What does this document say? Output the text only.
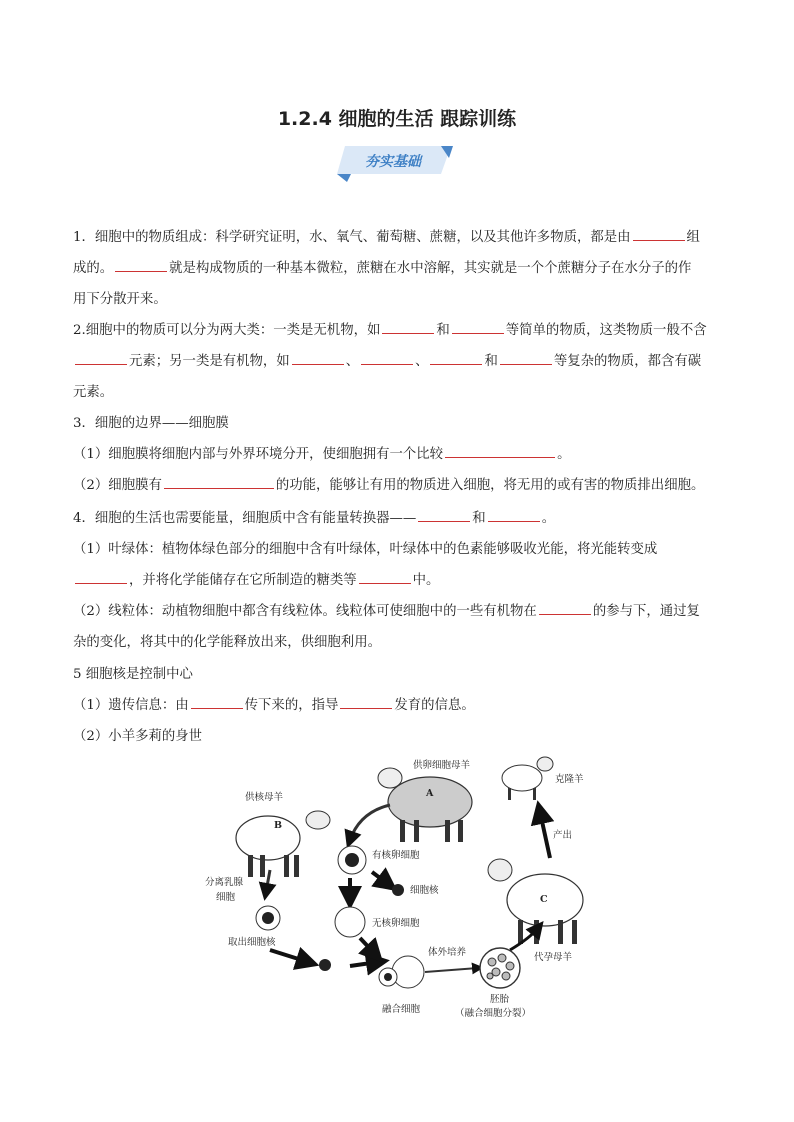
1.2.4 细胞的生活 跟踪训练
夯实基础

1．细胞中的物质组成：科学研究证明，水、氧气、葡萄糖、蔗糖，以及其他许多物质，都是由	组
成的。	就是构成物质的一种基本微粒，蔗糖在水中溶解，其实就是一个个蔗糖分子在水分子的作
用下分散开来。

2.细胞中的物质可以分为两大类：一类是无机物，如	和	等简单的物质，这类物质一般不含
元素；另一类是有机物，如	、	、	和	等复杂的物质，都含有碳
元素。

3．细胞的边界——细胞膜
（1）细胞膜将细胞内部与外界环境分开，使细胞拥有一个比较	。
（2）细胞膜有	的功能，能够让有用的物质进入细胞，将无用的或有害的物质排出细胞。

4．细胞的生活也需要能量，细胞质中含有能量转换器——	和	。
（1）叶绿体：植物体绿色部分的细胞中含有叶绿体，叶绿体中的色素能够吸收光能，将光能转变成
，并将化学能储存在它所制造的糖类等	中。
（2）线粒体：动植物细胞中都含有线粒体。线粒体可使细胞中的一些有机物在	的参与下，通过复
杂的变化，将其中的化学能释放出来，供细胞利用。

5 细胞核是控制中心
（1）遗传信息：由	传下来的，指导	发育的信息。
（2）小羊多莉的身世

供核母羊
B
供卵细胞母羊
A
克隆羊
C
代孕母羊
产出
分离乳腺
细胞
取出细胞核
有核卵细胞
细胞核
无核卵细胞
融合细胞
体外培养
胚胎
（融合细胞分裂）
